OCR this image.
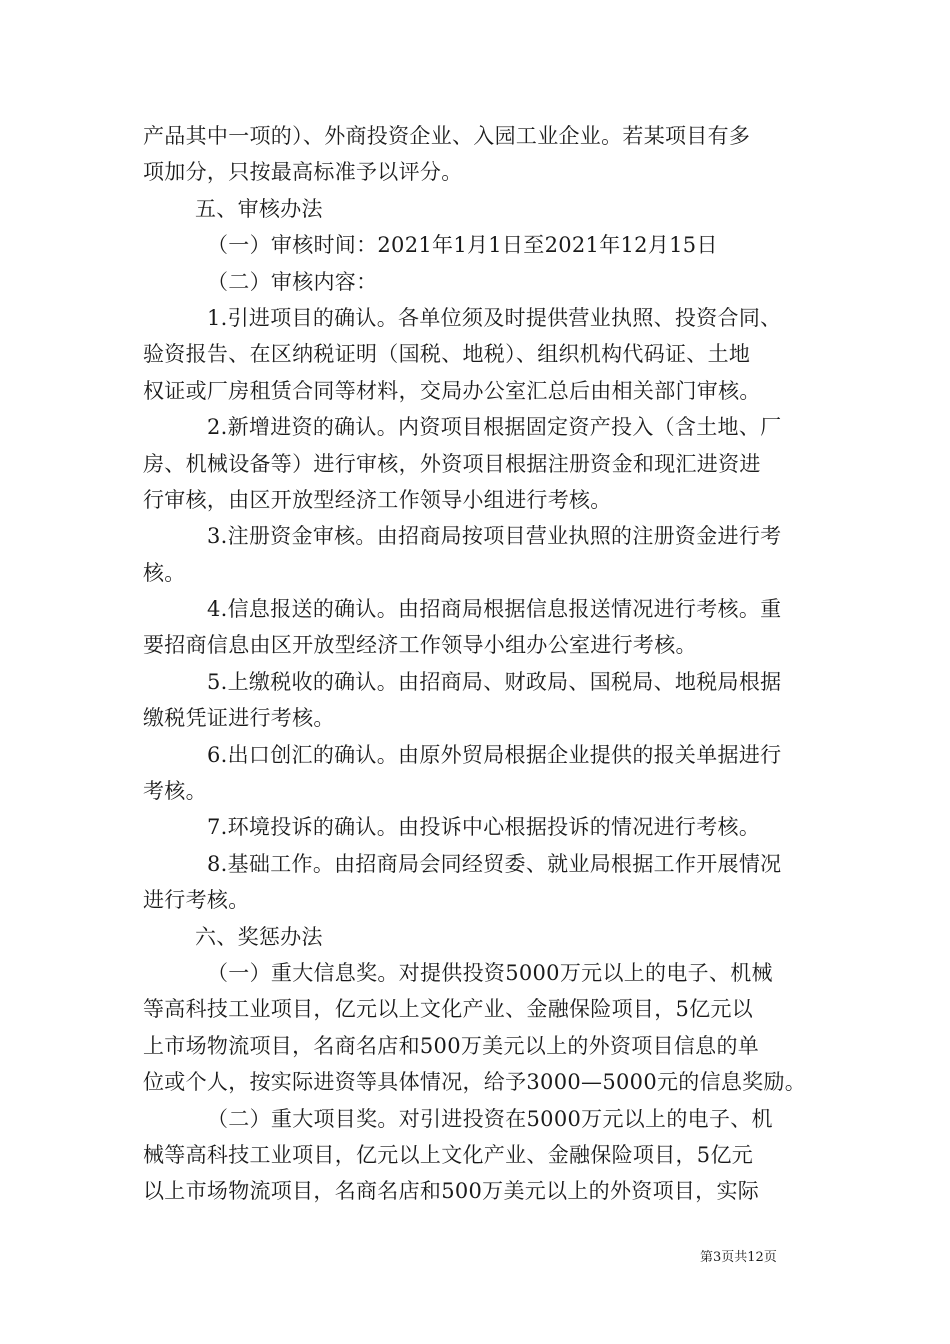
产品其中一项的）、外商投资企业、入园工业企业。若某项目有多
项加分，只按最高标准予以评分。
五、审核办法
（一）审核时间：2021年1月1日至2021年12月15日
（二）审核内容：
1.引进项目的确认。各单位须及时提供营业执照、投资合同、
验资报告、在区纳税证明（国税、地税）、组织机构代码证、土地
权证或厂房租赁合同等材料，交局办公室汇总后由相关部门审核。
2.新增进资的确认。内资项目根据固定资产投入（含土地、厂
房、机械设备等）进行审核，外资项目根据注册资金和现汇进资进
行审核，由区开放型经济工作领导小组进行考核。
3.注册资金审核。由招商局按项目营业执照的注册资金进行考
核。
4.信息报送的确认。由招商局根据信息报送情况进行考核。重
要招商信息由区开放型经济工作领导小组办公室进行考核。
5.上缴税收的确认。由招商局、财政局、国税局、地税局根据
缴税凭证进行考核。
6.出口创汇的确认。由原外贸局根据企业提供的报关单据进行
考核。
7.环境投诉的确认。由投诉中心根据投诉的情况进行考核。
8.基础工作。由招商局会同经贸委、就业局根据工作开展情况
进行考核。
六、奖惩办法
（一）重大信息奖。对提供投资5000万元以上的电子、机械
等高科技工业项目，亿元以上文化产业、金融保险项目，5亿元以
上市场物流项目，名商名店和500万美元以上的外资项目信息的单
位或个人，按实际进资等具体情况，给予3000—5000元的信息奖励。
（二）重大项目奖。对引进投资在5000万元以上的电子、机
械等高科技工业项目，亿元以上文化产业、金融保险项目，5亿元
以上市场物流项目，名商名店和500万美元以上的外资项目，实际
第3页共12页
